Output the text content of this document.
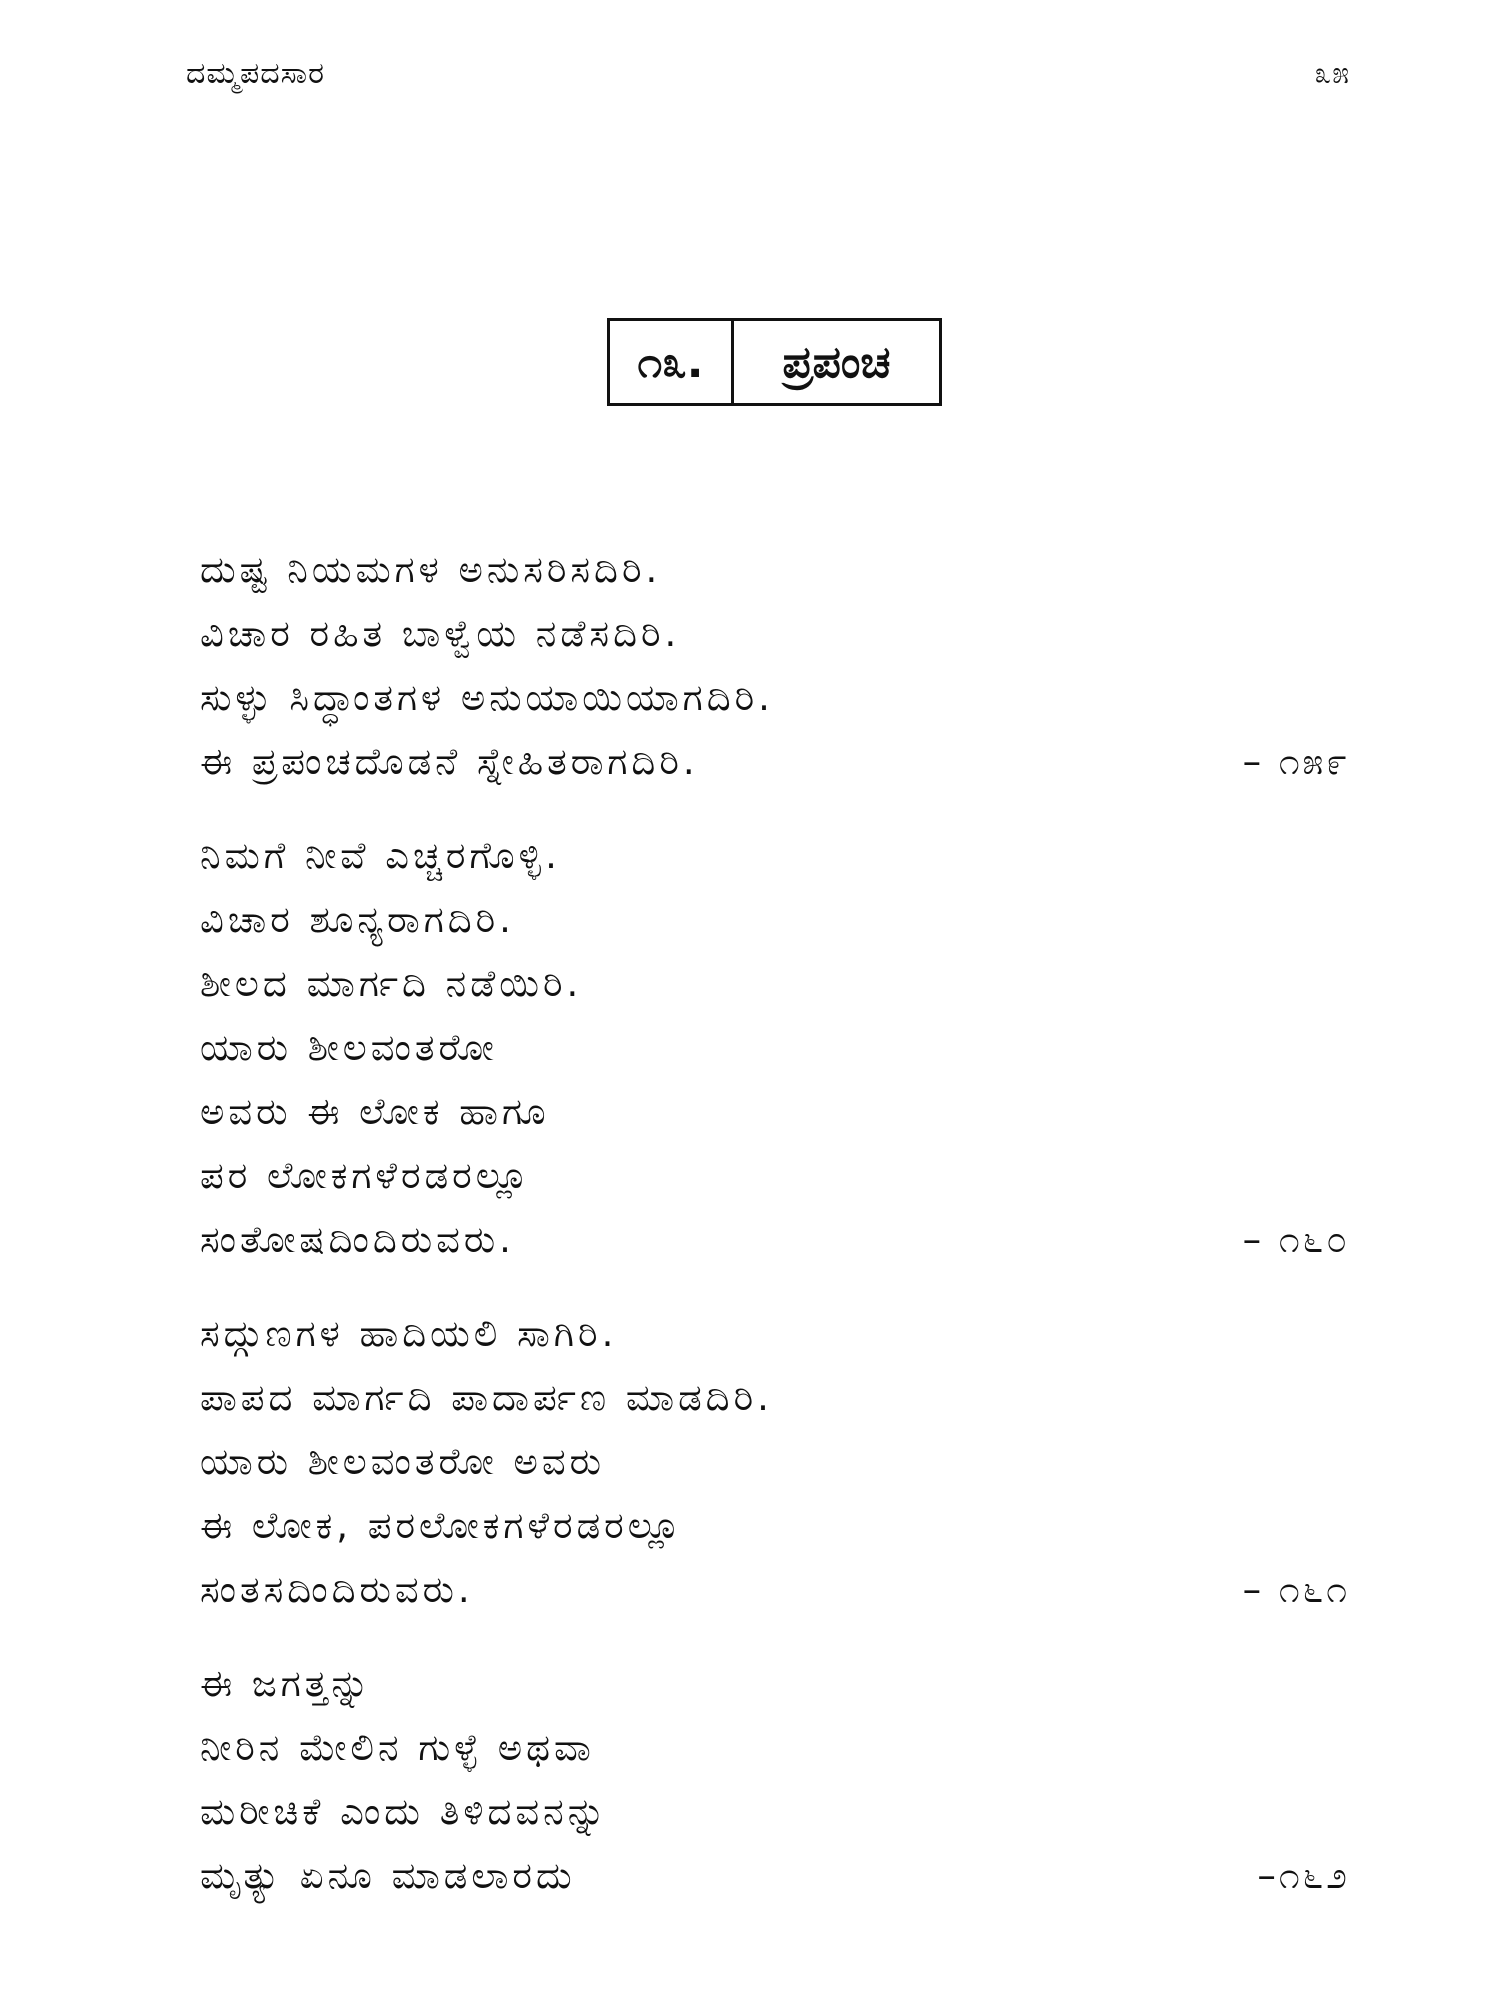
ದಮ್ಮಪದಸಾರ	೩೫
೧೩.	ಪ್ರಪಂಚ
ದುಷ್ಟ ನಿಯಮಗಳ ಅನುಸರಿಸದಿರಿ.
ವಿಚಾರ ರಹಿತ ಬಾಳ್ವೆಯ ನಡೆಸದಿರಿ.
ಸುಳ್ಳು ಸಿದ್ಧಾಂತಗಳ ಅನುಯಾಯಿಯಾಗದಿರಿ.
ಈ ಪ್ರಪಂಚದೊಡನೆ ಸ್ನೇಹಿತರಾಗದಿರಿ.	– ೧೫೯
ನಿಮಗೆ ನೀವೆ ಎಚ್ಚರಗೊಳ್ಳಿ.
ವಿಚಾರ ಶೂನ್ಯರಾಗದಿರಿ.
ಶೀಲದ ಮಾರ್ಗದಿ ನಡೆಯಿರಿ.
ಯಾರು ಶೀಲವಂತರೋ
ಅವರು ಈ ಲೋಕ ಹಾಗೂ
ಪರ ಲೋಕಗಳೆರಡರಲ್ಲೂ
ಸಂತೋಷದಿಂದಿರುವರು.	– ೧೬೦
ಸದ್ಗುಣಗಳ ಹಾದಿಯಲಿ ಸಾಗಿರಿ.
ಪಾಪದ ಮಾರ್ಗದಿ ಪಾದಾರ್ಪಣ ಮಾಡದಿರಿ.
ಯಾರು ಶೀಲವಂತರೋ ಅವರು
ಈ ಲೋಕ, ಪರಲೋಕಗಳೆರಡರಲ್ಲೂ
ಸಂತಸದಿಂದಿರುವರು.	– ೧೬೧
ಈ ಜಗತ್ತನ್ನು
ನೀರಿನ ಮೇಲಿನ ಗುಳ್ಳೆ ಅಥವಾ
ಮರೀಚಿಕೆ ಎಂದು ತಿಳಿದವನನ್ನು
ಮೃತ್ಯು ಏನೂ ಮಾಡಲಾರದು	–೧೬೨
